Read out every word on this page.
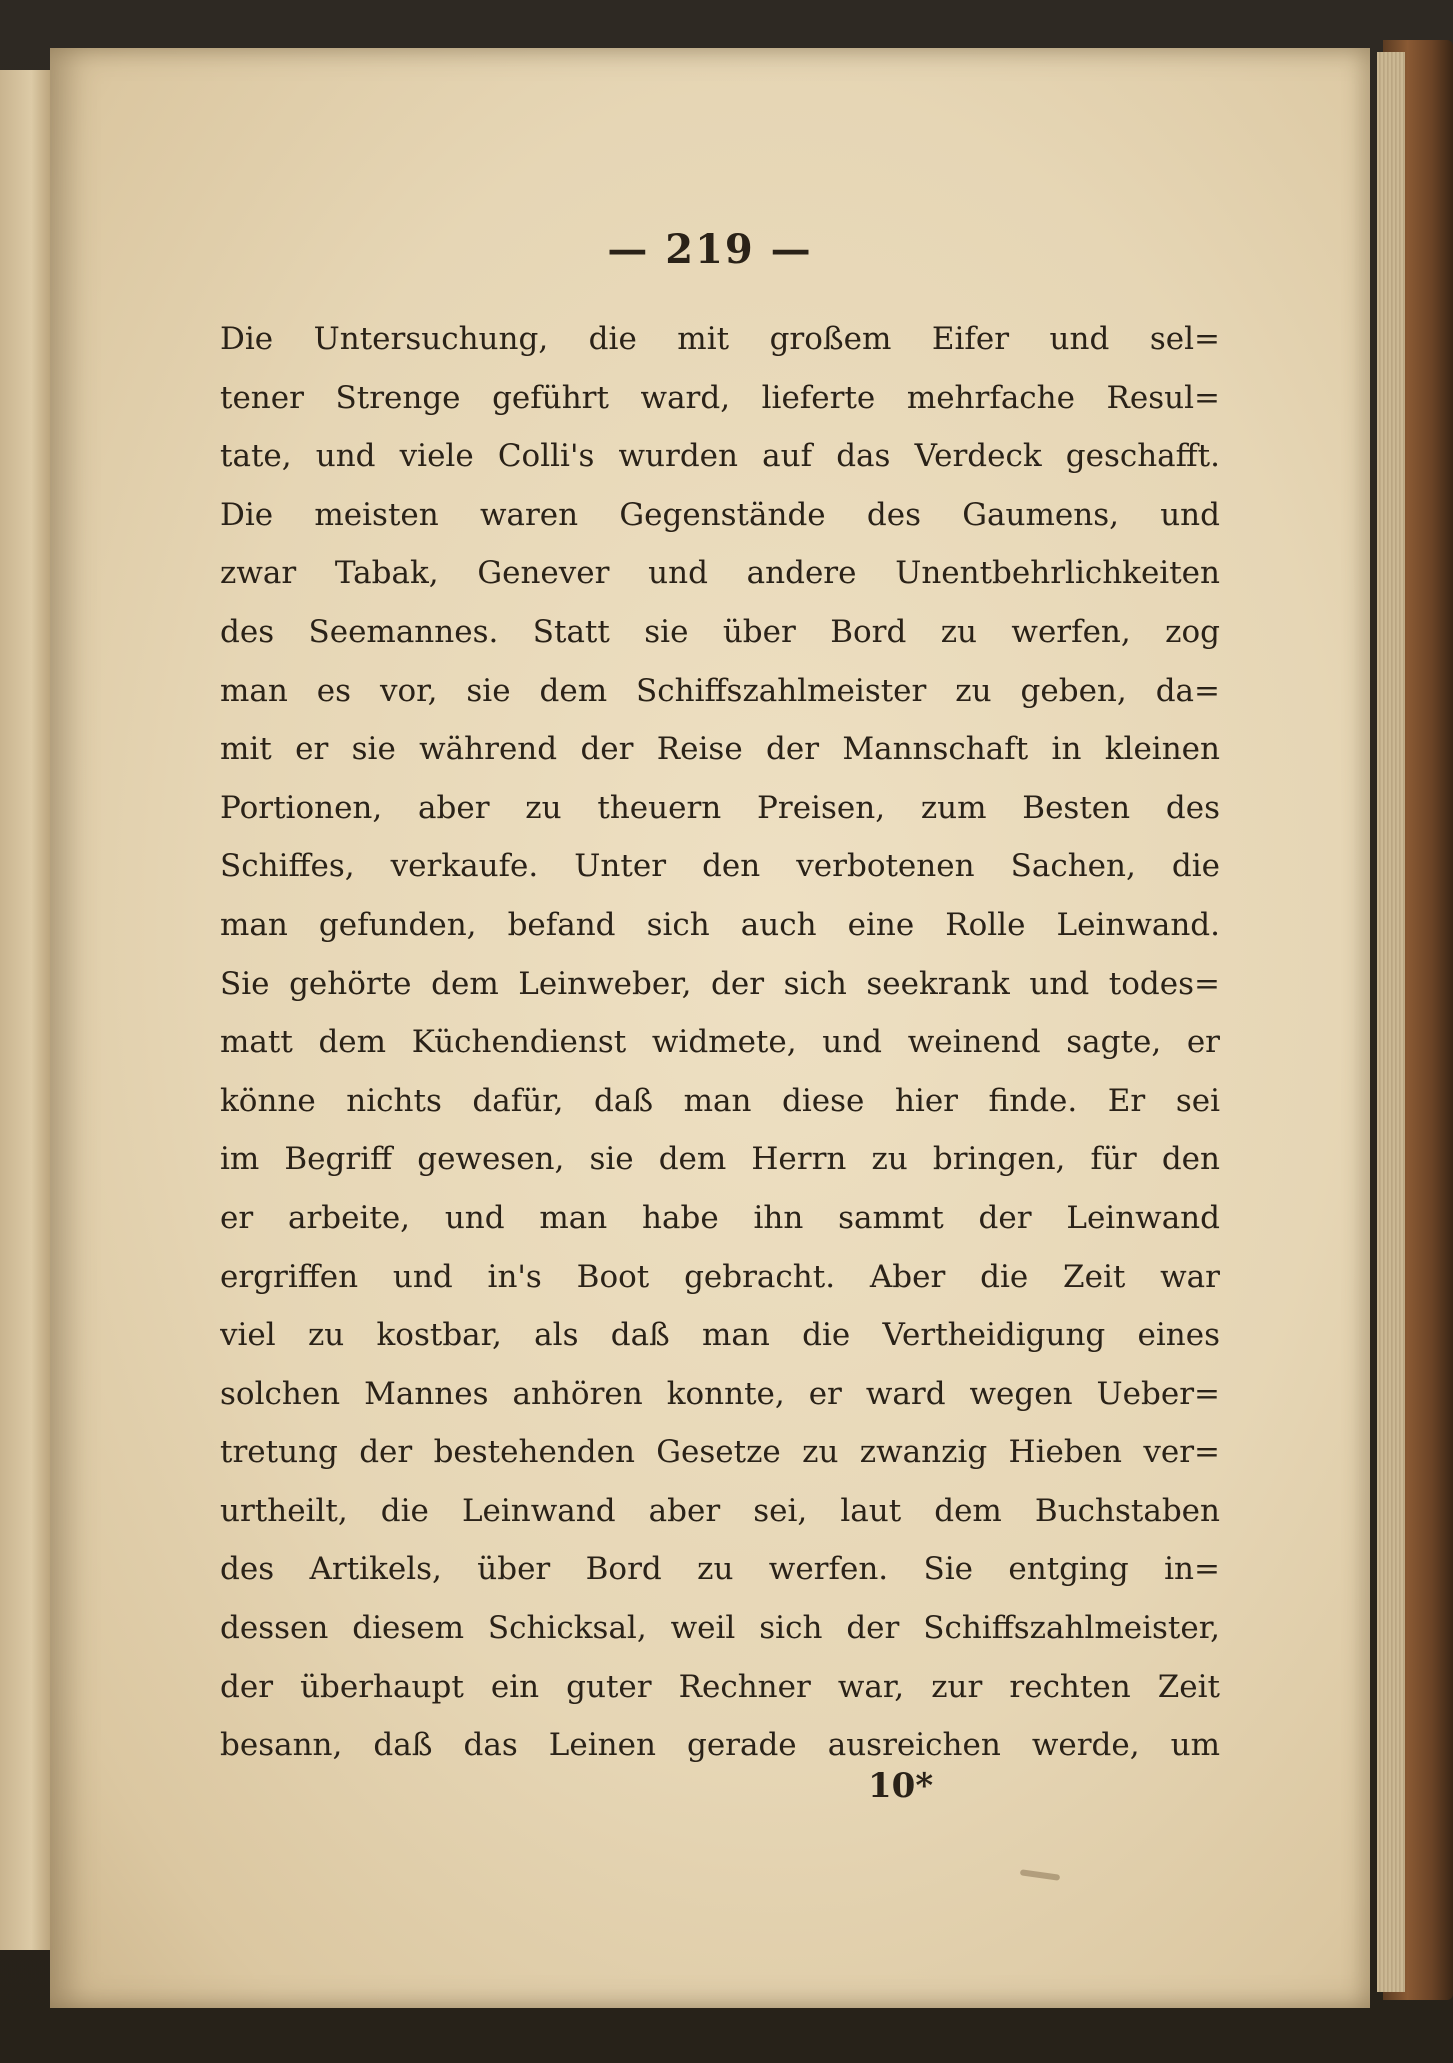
— 219 —
Die Untersuchung, die mit großem Eifer und sel=
tener Strenge geführt ward, lieferte mehrfache Resul=
tate, und viele Colli's wurden auf das Verdeck geschafft.
Die meisten waren Gegenstände des Gaumens, und
zwar Tabak, Genever und andere Unentbehrlichkeiten
des Seemannes. Statt sie über Bord zu werfen, zog
man es vor, sie dem Schiffszahlmeister zu geben, da=
mit er sie während der Reise der Mannschaft in kleinen
Portionen, aber zu theuern Preisen, zum Besten des
Schiffes, verkaufe. Unter den verbotenen Sachen, die
man gefunden, befand sich auch eine Rolle Leinwand.
Sie gehörte dem Leinweber, der sich seekrank und todes=
matt dem Küchendienst widmete, und weinend sagte, er
könne nichts dafür, daß man diese hier finde. Er sei
im Begriff gewesen, sie dem Herrn zu bringen, für den
er arbeite, und man habe ihn sammt der Leinwand
ergriffen und in's Boot gebracht. Aber die Zeit war
viel zu kostbar, als daß man die Vertheidigung eines
solchen Mannes anhören konnte, er ward wegen Ueber=
tretung der bestehenden Gesetze zu zwanzig Hieben ver=
urtheilt, die Leinwand aber sei, laut dem Buchstaben
des Artikels, über Bord zu werfen. Sie entging in=
dessen diesem Schicksal, weil sich der Schiffszahlmeister,
der überhaupt ein guter Rechner war, zur rechten Zeit
besann, daß das Leinen gerade ausreichen werde, um
10*
